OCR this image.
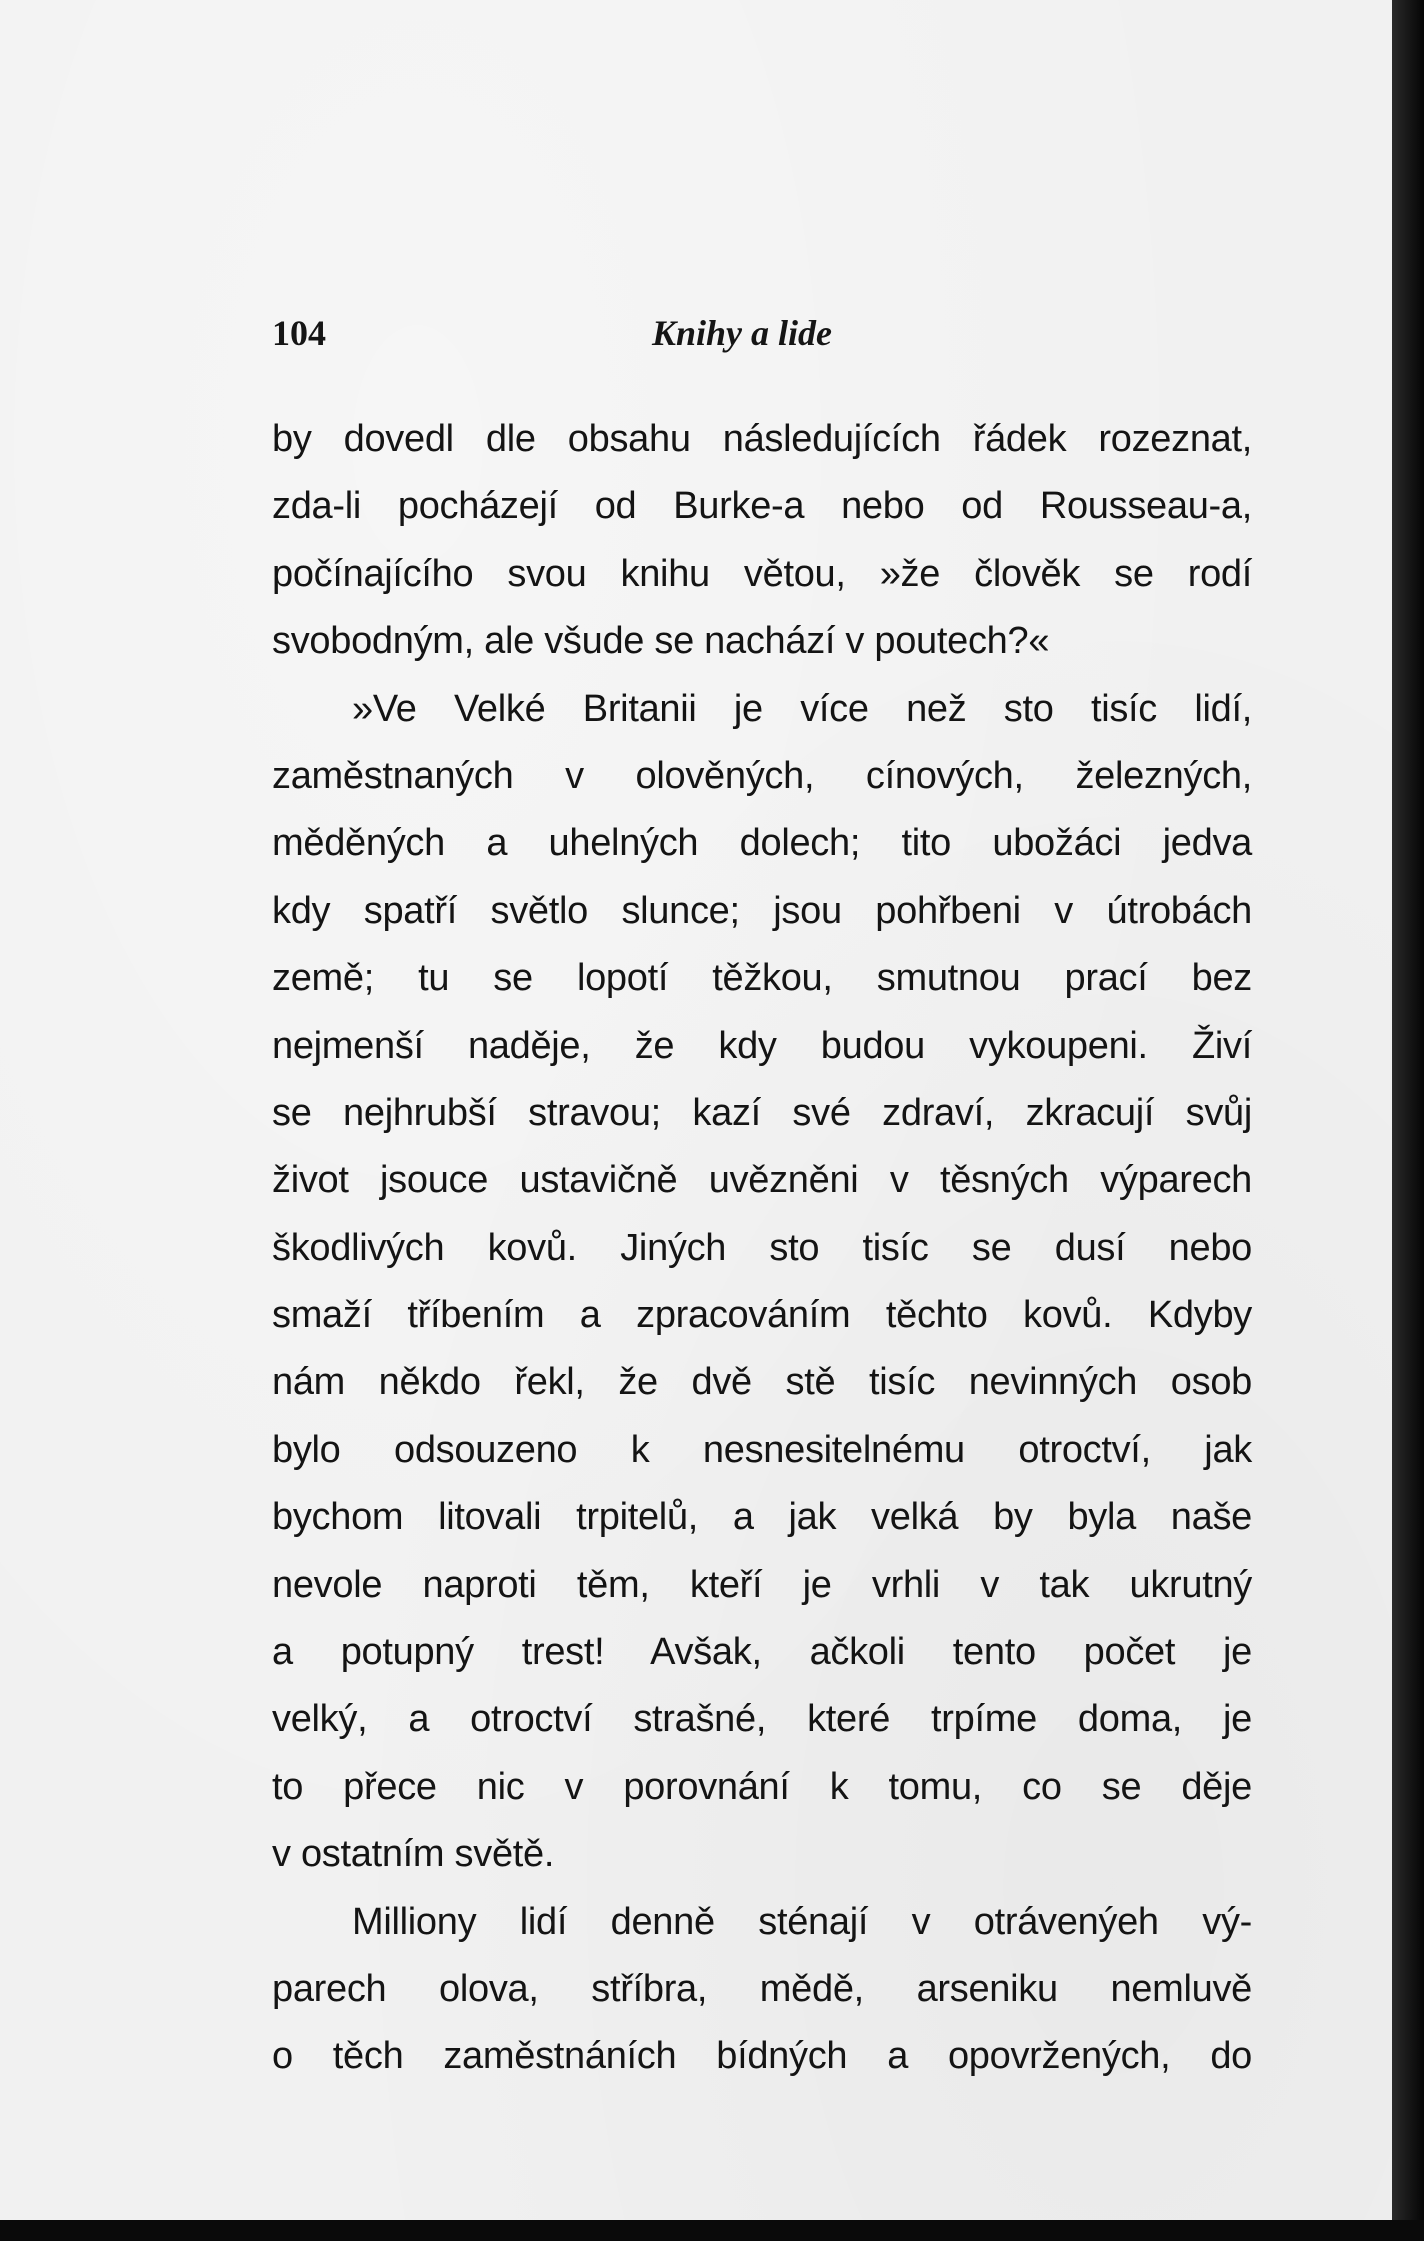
104	Knihy a lide
by dovedl dle obsahu následujících řádek rozeznat,
zda-li pocházejí od Burke-a nebo od Rousseau-a,
počínajícího svou knihu větou, »že člověk se rodí
svobodným, ale všude se nachází v poutech?«
»Ve Velké Britanii je více než sto tisíc lidí,
zaměstnaných v olověných, cínových, železných,
měděných a uhelných dolech; tito ubožáci jedva
kdy spatří světlo slunce; jsou pohřbeni v útrobách
země; tu se lopotí těžkou, smutnou prací bez
nejmenší naděje, že kdy budou vykoupeni. Živí
se nejhrubší stravou; kazí své zdraví, zkracují svůj
život jsouce ustavičně uvězněni v těsných výparech
škodlivých kovů. Jiných sto tisíc se dusí nebo
smaží tříbením a zpracováním těchto kovů. Kdyby
nám někdo řekl, že dvě stě tisíc nevinných osob
bylo odsouzeno k nesnesitelnému otroctví, jak
bychom litovali trpitelů, a jak velká by byla naše
nevole naproti těm, kteří je vrhli v tak ukrutný
a potupný trest! Avšak, ačkoli tento počet je
velký, a otroctví strašné, které trpíme doma, je
to přece nic v porovnání k tomu, co se děje
v ostatním světě.
Milliony lidí denně sténají v otrávenýeh vý-
parech olova, stříbra, mědě, arseniku nemluvě
o těch zaměstnáních bídných a opovržených, do
